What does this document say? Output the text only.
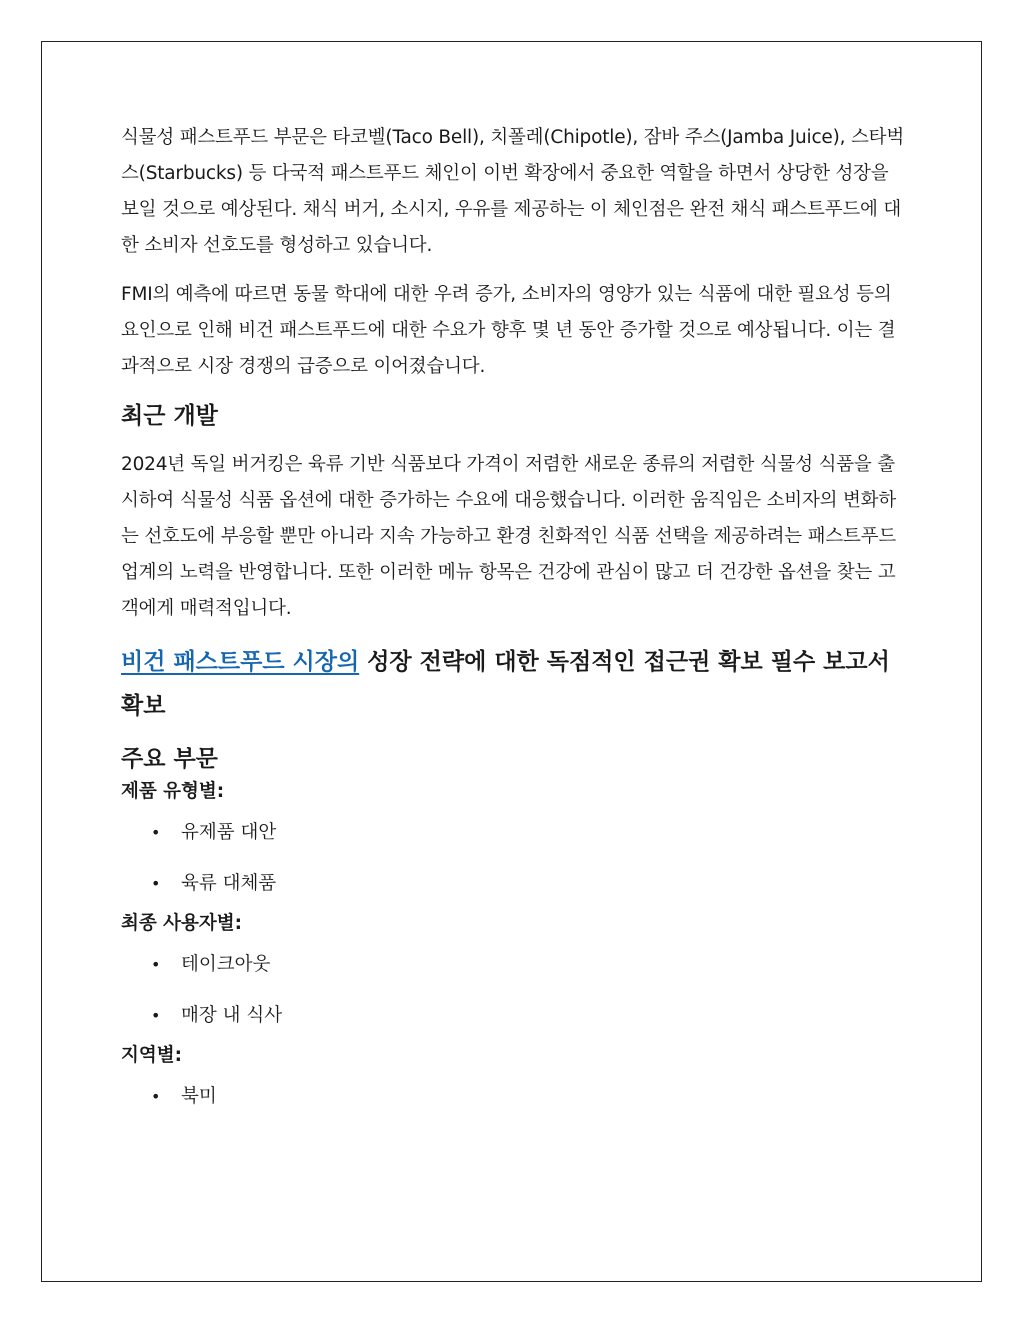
식물성 패스트푸드 부문은 타코벨(Taco Bell), 치폴레(Chipotle), 잠바 주스(Jamba Juice), 스타벅스(Starbucks) 등 다국적 패스트푸드 체인이 이번 확장에서 중요한 역할을 하면서 상당한 성장을 보일 것으로 예상된다. 채식 버거, 소시지, 우유를 제공하는 이 체인점은 완전 채식 패스트푸드에 대한 소비자 선호도를 형성하고 있습니다.

FMI의 예측에 따르면 동물 학대에 대한 우려 증가, 소비자의 영양가 있는 식품에 대한 필요성 등의 요인으로 인해 비건 패스트푸드에 대한 수요가 향후 몇 년 동안 증가할 것으로 예상됩니다. 이는 결과적으로 시장 경쟁의 급증으로 이어졌습니다.

최근 개발

2024년 독일 버거킹은 육류 기반 식품보다 가격이 저렴한 새로운 종류의 저렴한 식물성 식품을 출시하여 식물성 식품 옵션에 대한 증가하는 수요에 대응했습니다. 이러한 움직임은 소비자의 변화하는 선호도에 부응할 뿐만 아니라 지속 가능하고 환경 친화적인 식품 선택을 제공하려는 패스트푸드 업계의 노력을 반영합니다. 또한 이러한 메뉴 항목은 건강에 관심이 많고 더 건강한 옵션을 찾는 고객에게 매력적입니다.

비건 패스트푸드 시장의 성장 전략에 대한 독점적인 접근권 확보 필수 보고서 확보
주요 부문
제품 유형별:
• 유제품 대안
• 육류 대체품
최종 사용자별:
• 테이크아웃
• 매장 내 식사
지역별:
• 북미
